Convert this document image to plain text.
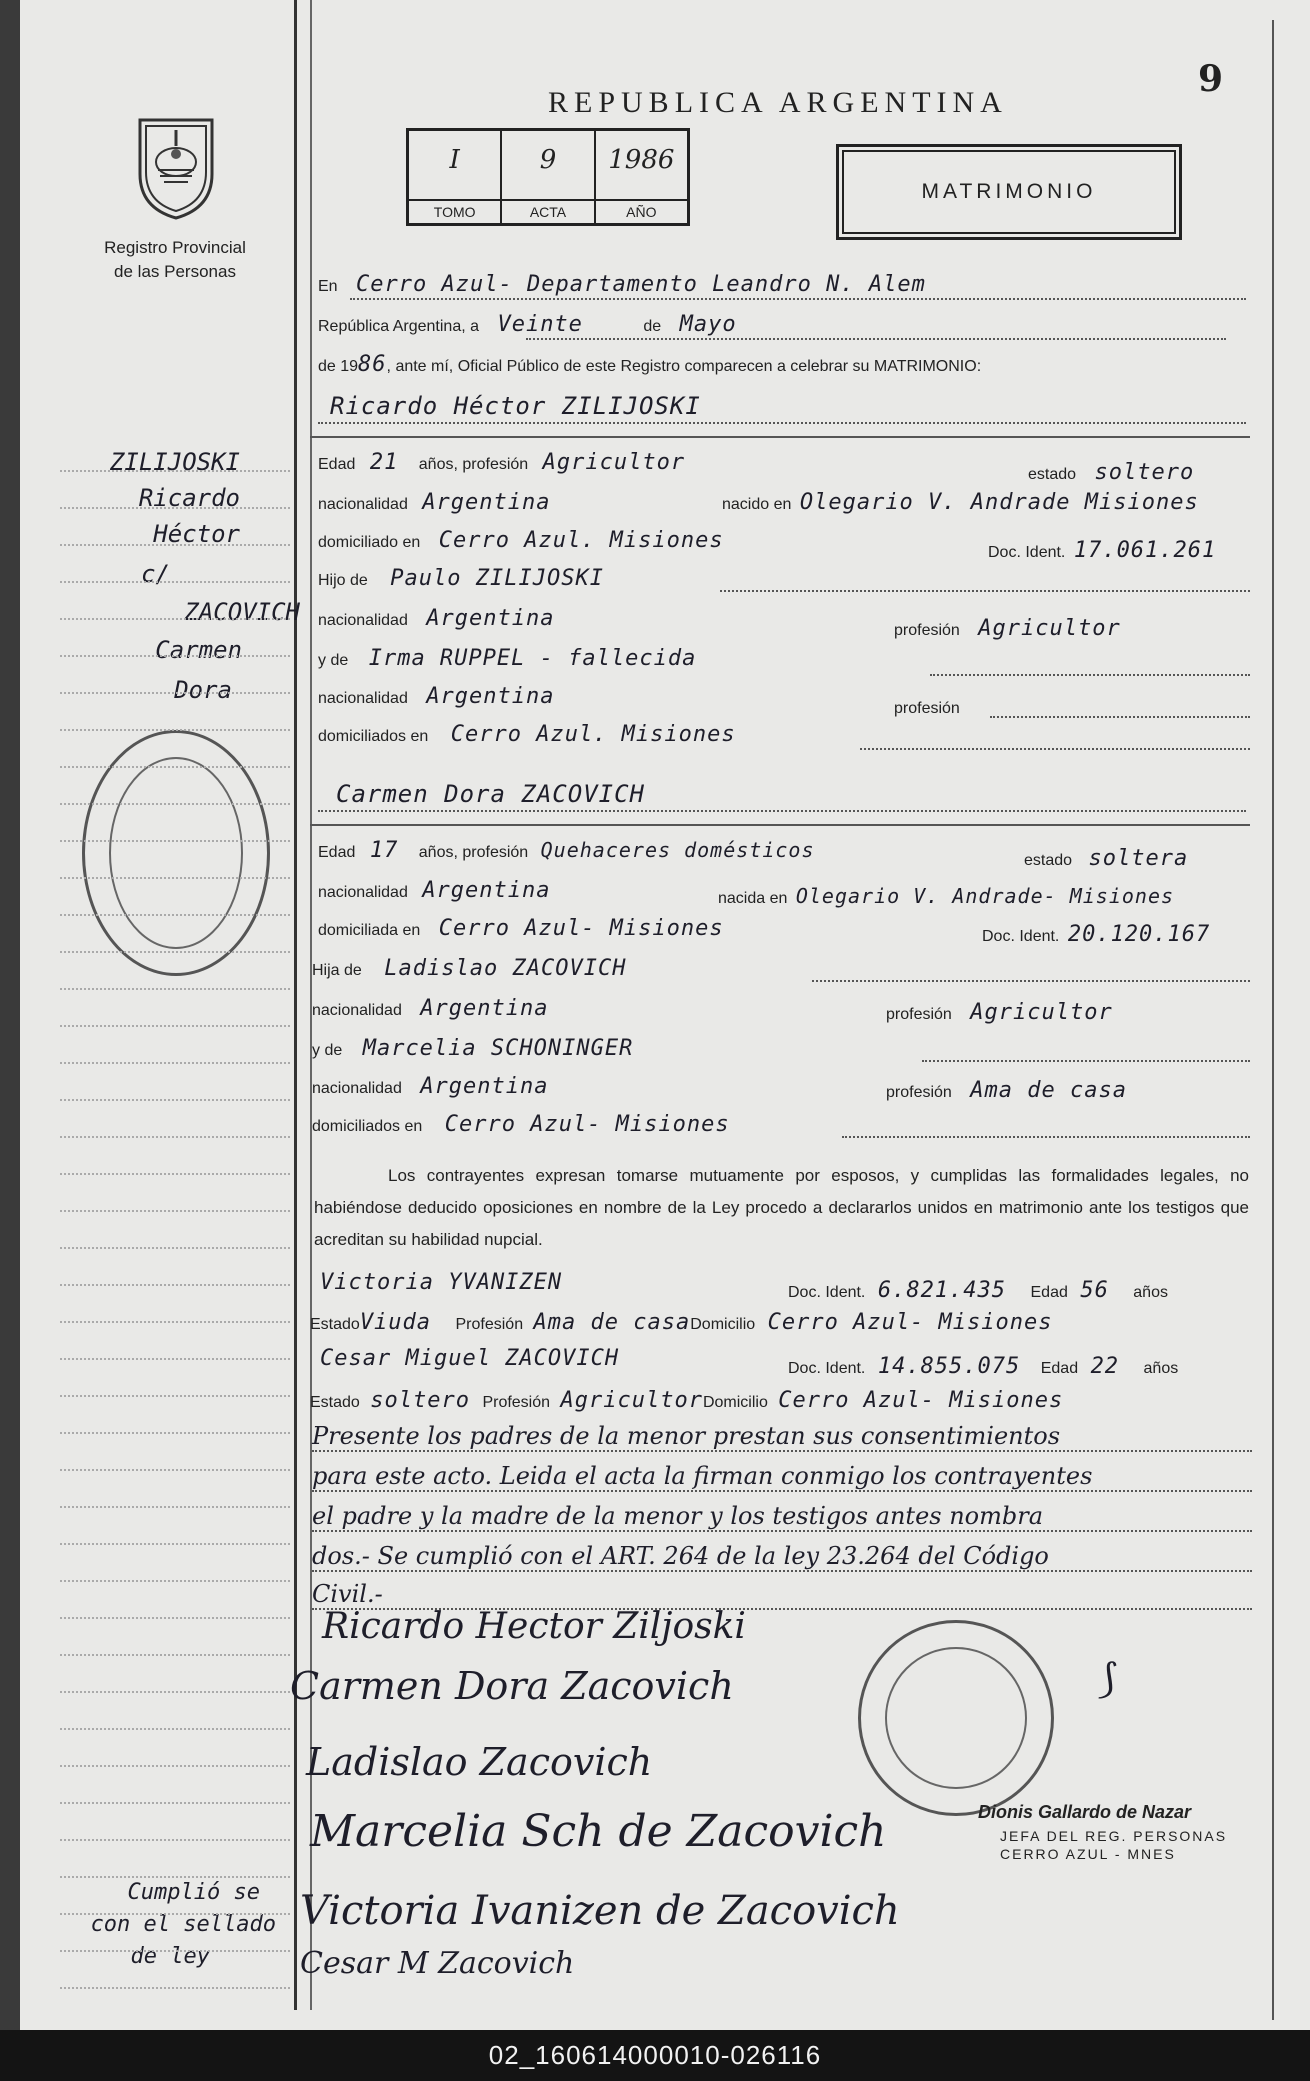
9
REPUBLICA ARGENTINA
Registro Provincial
de las Personas
I
TOMO
9
ACTA
1986
AÑO
MATRIMONIO
En Cerro Azul- Departamento Leandro N. Alem
República Argentina, a Veinte	de Mayo
de 1986, ante mí, Oficial Público de este Registro comparecen a celebrar su MATRIMONIO:
Ricardo Héctor ZILIJOSKI
Edad 21 años, profesión Agricultor	estado soltero
nacionalidad Argentina	nacido en Olegario V. Andrade Misiones
domiciliado en Cerro Azul. Misiones	Doc. Ident. 17.061.261
Hijo de Paulo ZILIJOSKI
nacionalidad Argentina	profesión Agricultor
y de Irma RUPPEL - fallecida
nacionalidad Argentina	profesión
domiciliados en Cerro Azul. Misiones
Carmen Dora ZACOVICH
Edad 17 años, profesión Quehaceres domésticos	estado soltera
nacionalidad Argentina	nacida en Olegario V. Andrade- Misiones
domiciliada en Cerro Azul- Misiones	Doc. Ident. 20.120.167
Hija de Ladislao ZACOVICH
nacionalidad Argentina	profesión Agricultor
y de Marcelia SCHONINGER
nacionalidad Argentina	profesión Ama de casa
domiciliados en Cerro Azul- Misiones
Los contrayentes expresan tomarse mutuamente por esposos, y cumplidas las formalidades legales, no habiéndose deducido oposiciones en nombre de la Ley procedo a declararlos unidos en matrimonio ante los testigos que acreditan su habilidad nupcial.
Victoria YVANIZEN	Doc. Ident. 6.821.435 Edad 56 años
EstadoViuda Profesión Ama de casaDomicilio Cerro Azul- Misiones
Cesar Miguel ZACOVICH	Doc. Ident. 14.855.075 Edad 22 años
Estado soltero Profesión AgricultorDomicilio Cerro Azul- Misiones
Presente los padres de la menor prestan sus consentimientos
para este acto. Leida el acta la firman conmigo los contrayentes
el padre y la madre de la menor y los testigos antes nombra
dos.- Se cumplió con el ART. 264 de la ley 23.264 del Código
Civil.-
Ricardo Hector Ziljoski
Carmen Dora Zacovich
Ladislao Zacovich
Marcelia Sch de Zacovich
Victoria Ivanizen de Zacovich
Cesar M Zacovich
⟆
Dionis Gallardo de Nazar
JEFA DEL REG. PERSONAS
CERRO AZUL - MNES
ZILIJOSKI
Ricardo
Héctor
c/
ZACOVICH
Carmen
Dora
Cumplió se
con el sellado
de ley
02_160614000010-026116
